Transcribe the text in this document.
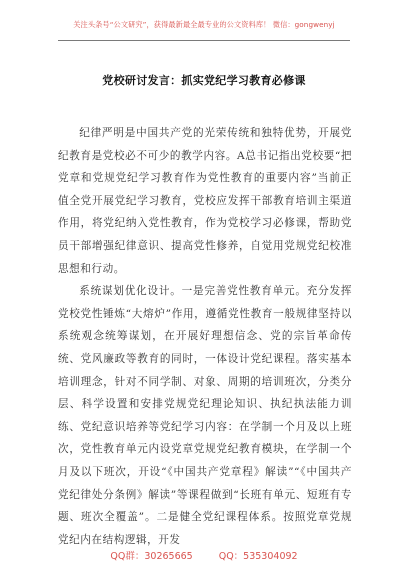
关注头条号“公文研究”，获得最新最全最专业的公文资料库！ 微信：gongwenyj
党校研讨发言：抓实党纪学习教育必修课

纪律严明是中国共产党的光荣传统和独特优势，开展党纪教育是党校必不可少的教学内容。A总书记指出党校要“把党章和党规党纪学习教育作为党性教育的重要内容”当前正值全党开展党纪学习教育，党校应发挥干部教育培训主渠道作用，将党纪纳入党性教育，作为党校学习必修课，帮助党员干部增强纪律意识、提高党性修养，自觉用党规党纪校准思想和行动。

系统谋划优化设计。一是完善党性教育单元。充分发挥党校党性锤炼“大熔炉”作用，遵循党性教育一般规律坚持以系统观念统筹谋划，在开展好理想信念、党的宗旨革命传统、党风廉政等教育的同时，一体设计党纪课程。落实基本培训理念，针对不同学制、对象、周期的培训班次，分类分层、科学设置和安排党规党纪理论知识、执纪执法能力训练、党纪意识培养等党纪学习内容：在学制一个月及以上班次，党性教育单元内设党章党规党纪教育模块，在学制一个月及以下班次，开设“《中国共产党章程》解读”“《中国共产党纪律处分条例》解读”等课程做到“长班有单元、短班有专题、班次全覆盖”。二是健全党纪课程体系。按照党章党规党纪内在结构逻辑，开发

QQ群：30265665	QQ：535304092
